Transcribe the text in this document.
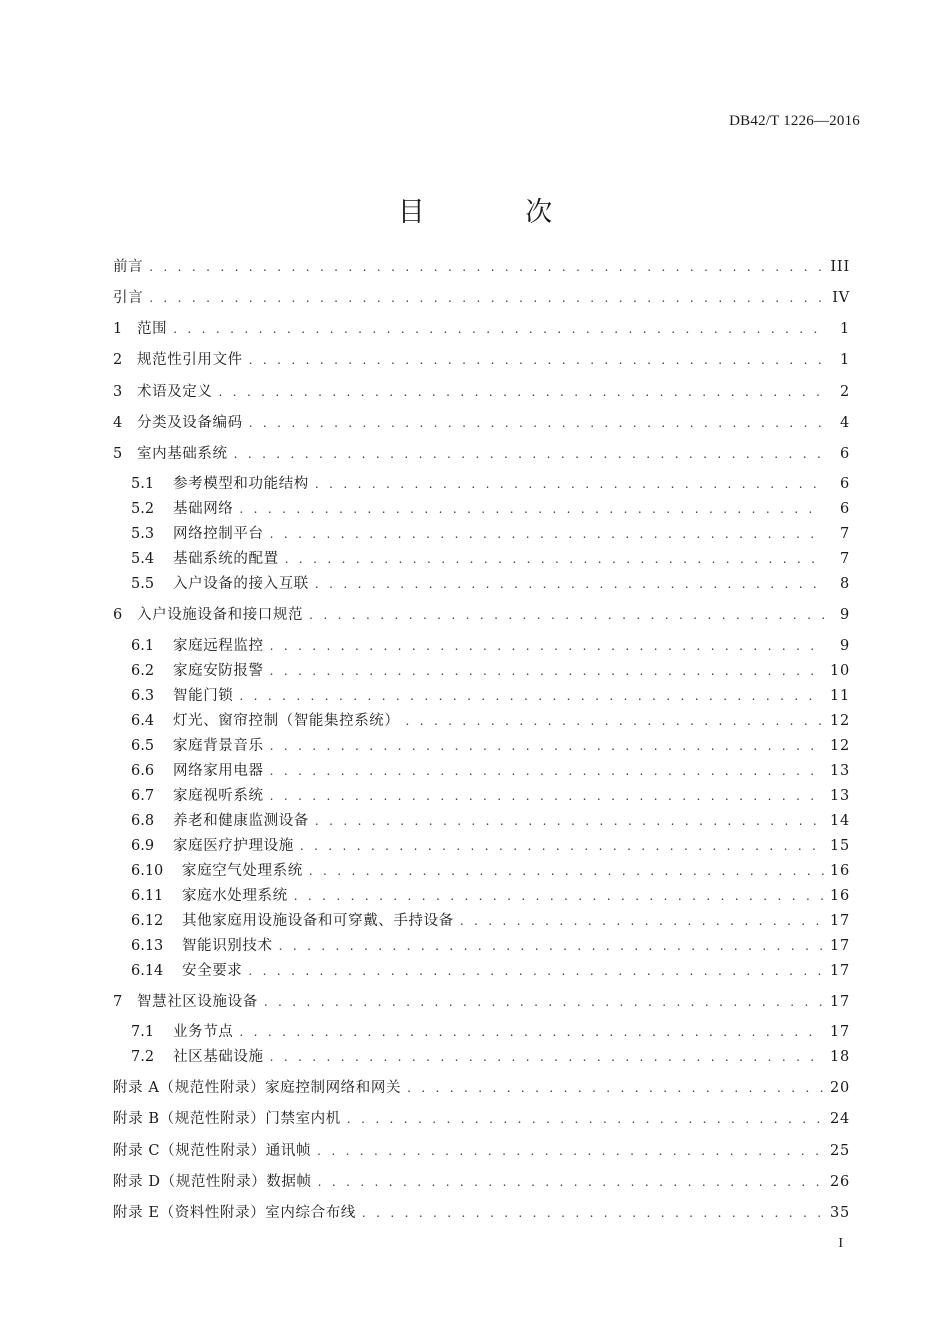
DB42/T 1226—2016
目 次
前言 . . .	III
引言 . . .	IV
1	范围 . . .	1
2	规范性引用文件 . . .	1
3	术语及定义 . . .	2
4	分类及设备编码 . . .	4
5	室内基础系统 . . .	6
5.1	参考模型和功能结构 . . .	6
5.2	基础网络 . . .	6
5.3	网络控制平台 . . .	7
5.4	基础系统的配置 . . .	7
5.5	入户设备的接入互联 . . .	8
6	入户设施设备和接口规范 . . .	9
6.1	家庭远程监控 . . .	9
6.2	家庭安防报警 . . .	10
6.3	智能门锁 . . .	11
6.4	灯光、窗帘控制（智能集控系统） . . .	12
6.5	家庭背景音乐 . . .	12
6.6	网络家用电器 . . .	13
6.7	家庭视听系统 . . .	13
6.8	养老和健康监测设备 . . .	14
6.9	家庭医疗护理设施 . . .	15
6.10	家庭空气处理系统 . . .	16
6.11	家庭水处理系统 . . .	16
6.12	其他家庭用设施设备和可穿戴、手持设备 . . .	17
6.13	智能识别技术 . . .	17
6.14	安全要求 . . .	17
7	智慧社区设施设备 . . .	17
7.1	业务节点 . . .	17
7.2	社区基础设施 . . .	18
附录 A（规范性附录）家庭控制网络和网关 . . .	20
附录 B（规范性附录）门禁室内机 . . .	24
附录 C（规范性附录）通讯帧 . . .	25
附录 D（规范性附录）数据帧 . . .	26
附录 E（资料性附录）室内综合布线 . . .	35
I
